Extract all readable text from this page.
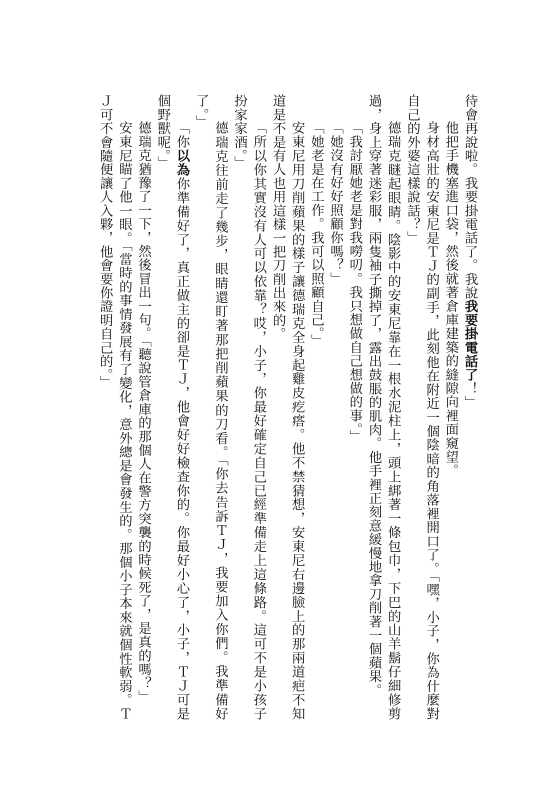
待會再說啦。我要掛電話了。我說我要掛電話了！」

他把手機塞進口袋，然後就著倉庫建築的縫隙向裡面窺望。

身材高壯的安東尼是ＴＪ的副手，此刻他在附近一個陰暗的角落裡開口了。「嘿，小子，你為什麼對自己的外婆這樣說話？」

德瑞克瞇起眼睛。陰影中的安東尼靠在一根水泥柱上，頭上綁著一條包巾，下巴的山羊鬍仔細修剪過，身上穿著迷彩服，兩隻袖子撕掉了，露出鼓脹的肌肉。他手裡正刻意緩慢地拿刀削著一個蘋果。

「我討厭她老是對我嘮叨。我只想做自己想做的事。」

「她沒有好好照顧你嗎？」

「她老是在工作。我可以照顧自己。」

安東尼用刀削蘋果的樣子讓德瑞克全身起雞皮疙瘩。他不禁猜想，安東尼右邊臉上的那兩道疤不知道是不是有人也用這樣一把刀削出來的。

「所以你其實沒有人可以依靠？哎，小子，你最好確定自己已經準備走上這條路。這可不是小孩子扮家家酒。」

德瑞克往前走了幾步，眼睛還盯著那把削蘋果的刀看。「你去告訴ＴＪ，我要加入你們。我準備好了。」

「你以為你準備好了，真正做主的卻是ＴＪ，他會好好檢查你的。你最好小心了，小子，ＴＪ可是個野獸呢。」

德瑞克猶豫了一下，然後冒出一句。「聽說管倉庫的那個人在警方突襲的時候死了，是真的嗎？」

安東尼瞄了他一眼。「當時的事情發展有了變化，意外總是會發生的。那個小子本來就個性軟弱。ＴＪ可不會隨便讓人入夥，他會要你證明自己的。」
